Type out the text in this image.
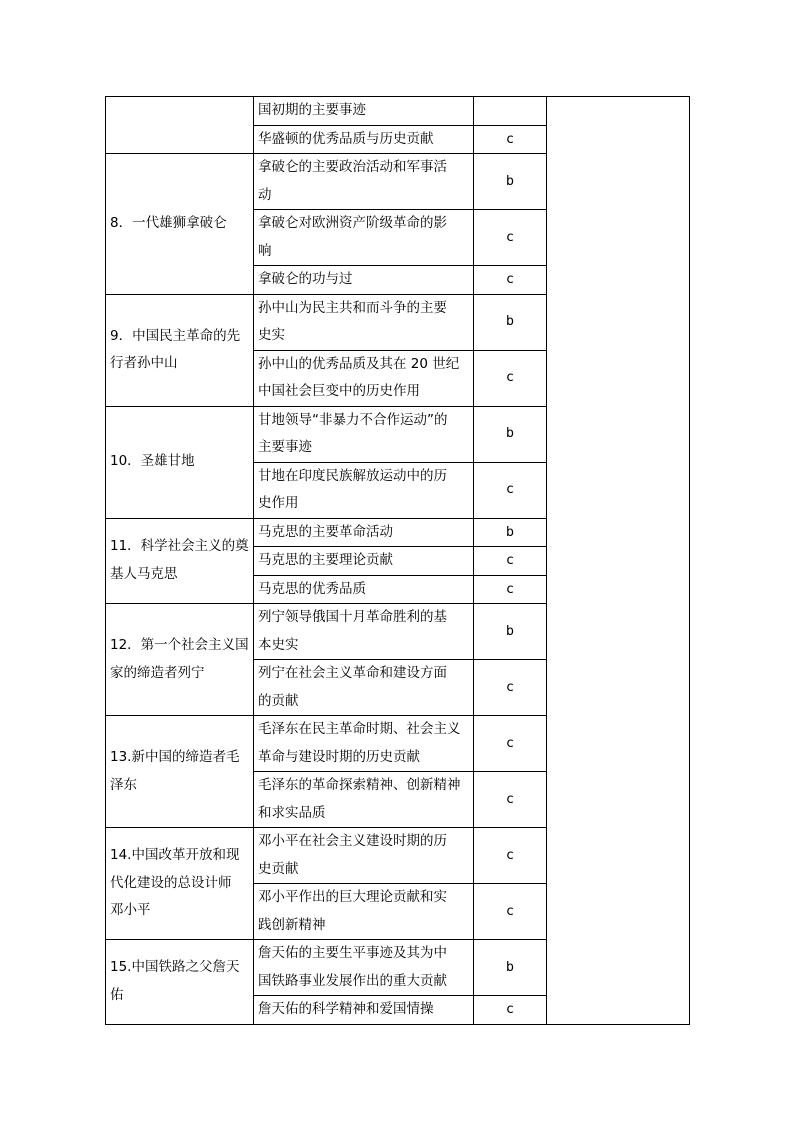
	国初期的主要事迹		

	华盛顿的优秀品质与历史贡献	c	

8．一代雄狮拿破仑	拿破仑的主要政治活动和军事活
动	b	

	拿破仑对欧洲资产阶级革命的影
响	c	

	拿破仑的功与过	c	

9．中国民主革命的先
行者孙中山	孙中山为民主共和而斗争的主要
史实	b	

	孙中山的优秀品质及其在 20 世纪
中国社会巨变中的历史作用	c	

10．圣雄甘地	甘地领导“非暴力不合作运动”的
主要事迹	b	

	甘地在印度民族解放运动中的历
史作用	c	

11．科学社会主义的奠
基人马克思	马克思的主要革命活动	b	

	马克思的主要理论贡献	c	

	马克思的优秀品质	c	

12．第一个社会主义国
家的缔造者列宁	列宁领导俄国十月革命胜利的基
本史实	b	

	列宁在社会主义革命和建设方面
的贡献	c	

13.新中国的缔造者毛
泽东	毛泽东在民主革命时期、社会主义
革命与建设时期的历史贡献	c	

	毛泽东的革命探索精神、创新精神
和求实品质	c	

14.中国改革开放和现
代化建设的总设计师
邓小平	邓小平在社会主义建设时期的历
史贡献	c	

	邓小平作出的巨大理论贡献和实
践创新精神	c	

15.中国铁路之父詹天
佑	詹天佑的主要生平事迹及其为中
国铁路事业发展作出的重大贡献	b	

	詹天佑的科学精神和爱国情操	c	
